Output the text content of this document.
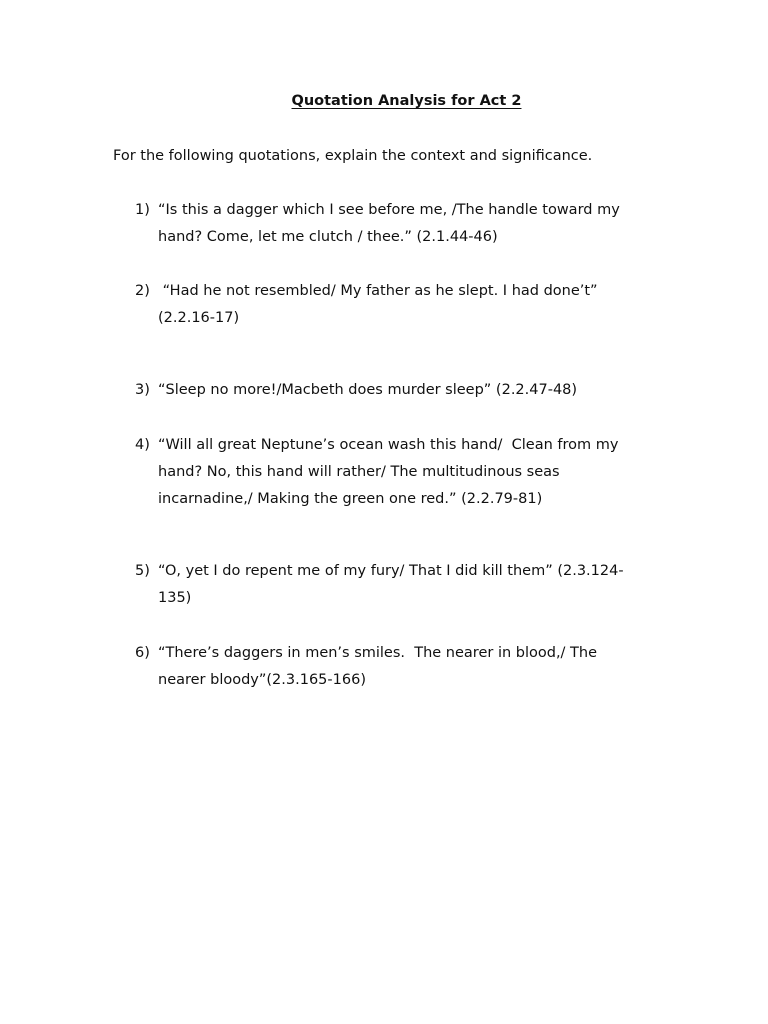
Quotation Analysis for Act 2

For the following quotations, explain the context and significance.

1) “Is this a dagger which I see before me, /The handle toward my
hand? Come, let me clutch / thee.” (2.1.44-46)

2) “Had he not resembled/ My father as he slept. I had done’t”
(2.2.16-17)

3) “Sleep no more!/Macbeth does murder sleep” (2.2.47-48)

4) “Will all great Neptune’s ocean wash this hand/  Clean from my
hand? No, this hand will rather/ The multitudinous seas
incarnadine,/ Making the green one red.” (2.2.79-81)

5) “O, yet I do repent me of my fury/ That I did kill them” (2.3.124-
135)

6) “There’s daggers in men’s smiles.  The nearer in blood,/ The
nearer bloody”(2.3.165-166)
